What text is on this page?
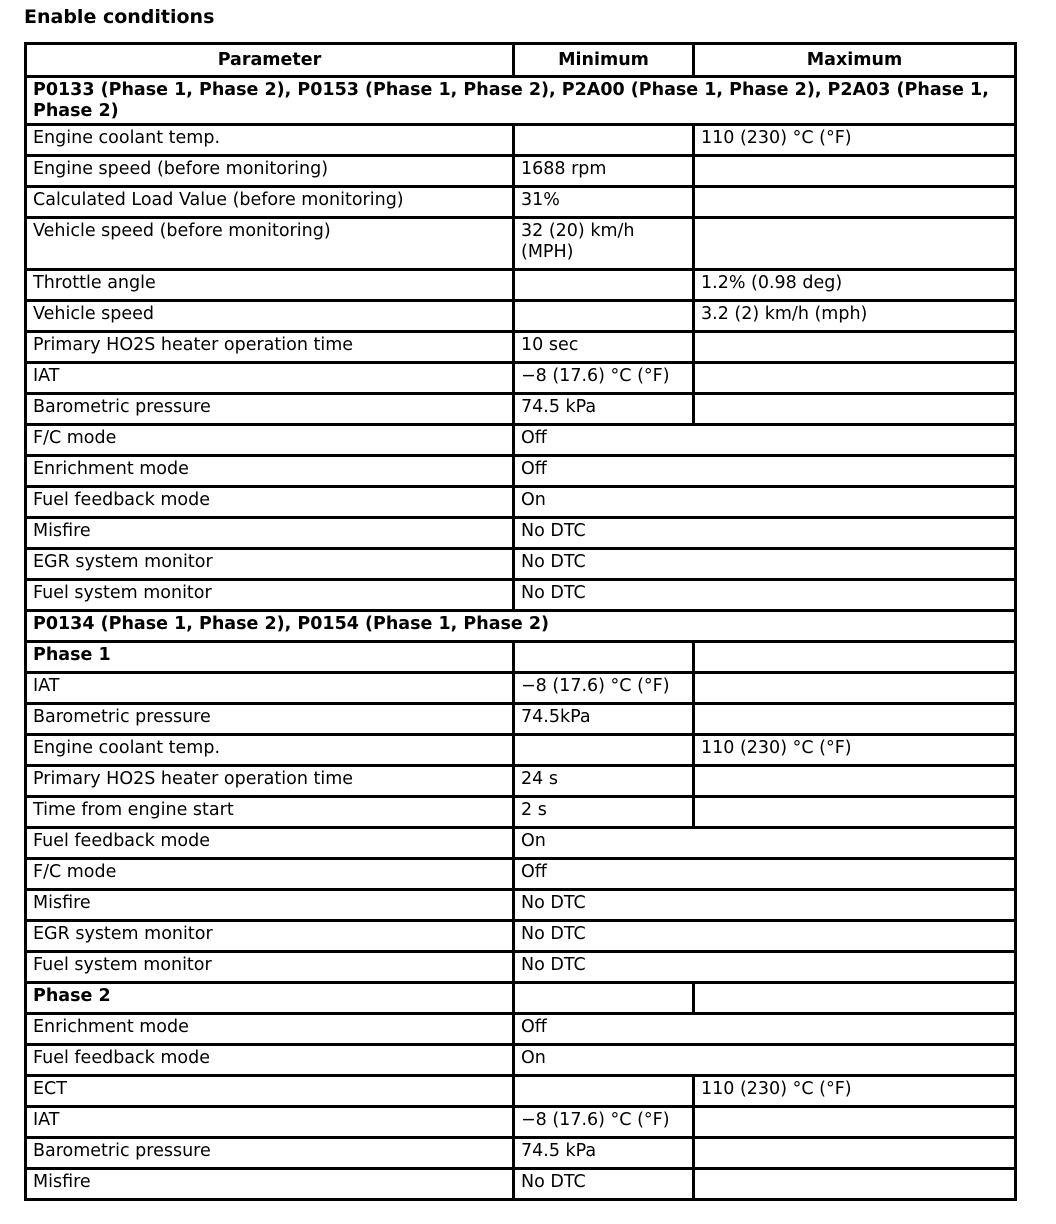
Enable conditions
Parameter	Minimum	Maximum
P0133 (Phase 1, Phase 2), P0153 (Phase 1, Phase 2), P2A00 (Phase 1, Phase 2), P2A03 (Phase 1, Phase 2)		
Engine coolant temp.		110 (230) °C (°F)
Engine speed (before monitoring)	1688 rpm	
Calculated Load Value (before monitoring)	31%	
Vehicle speed (before monitoring)	32 (20) km/h (MPH)	
Throttle angle		1.2% (0.98 deg)
Vehicle speed		3.2 (2) km/h (mph)
Primary HO2S heater operation time	10 sec	
IAT	−8 (17.6) °C (°F)	
Barometric pressure	74.5 kPa	
F/C mode	Off	
Enrichment mode	Off	
Fuel feedback mode	On	
Misfire	No DTC	
EGR system monitor	No DTC	
Fuel system monitor	No DTC	
P0134 (Phase 1, Phase 2), P0154 (Phase 1, Phase 2)		
Phase 1		
IAT	−8 (17.6) °C (°F)	
Barometric pressure	74.5kPa	
Engine coolant temp.		110 (230) °C (°F)
Primary HO2S heater operation time	24 s	
Time from engine start	2 s	
Fuel feedback mode	On	
F/C mode	Off	
Misfire	No DTC	
EGR system monitor	No DTC	
Fuel system monitor	No DTC	
Phase 2		
Enrichment mode	Off	
Fuel feedback mode	On	
ECT		110 (230) °C (°F)
IAT	−8 (17.6) °C (°F)	
Barometric pressure	74.5 kPa	
Misfire	No DTC	
